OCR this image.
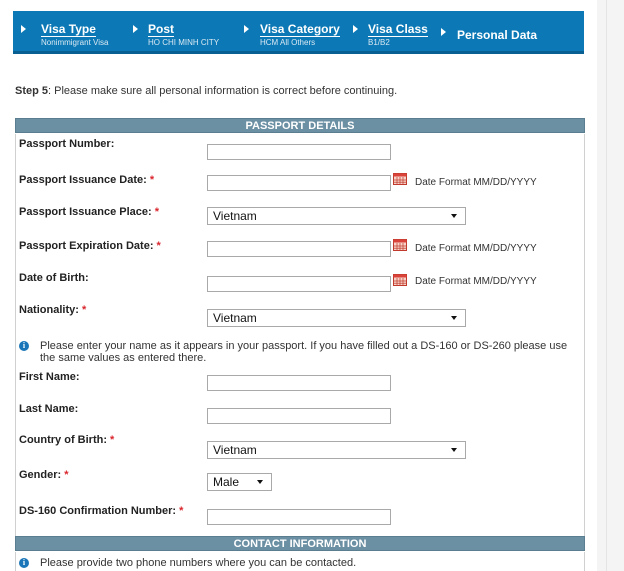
Visa Type
Nonimmigrant Visa
Post
HO CHI MINH CITY
Visa Category
HCM All Others
Visa Class
B1/B2
Personal Data
Step 5: Please make sure all personal information is correct before continuing.
PASSPORT DETAILS
Passport Number:
Passport Issuance Date: *	Date Format MM/DD/YYYY
Passport Issuance Place: *	Vietnam
Passport Expiration Date: *	Date Format MM/DD/YYYY
Date of Birth:	Date Format MM/DD/YYYY
Nationality: *
Vietnam
i	Please enter your name as it appears in your passport. If you have filled out a DS-160 or DS-260 please use the same values as entered there.
First Name:
Last Name:
Country of Birth: *
Vietnam
Gender: *	Male
DS-160 Confirmation Number: *
CONTACT INFORMATION
i	Please provide two phone numbers where you can be contacted.
